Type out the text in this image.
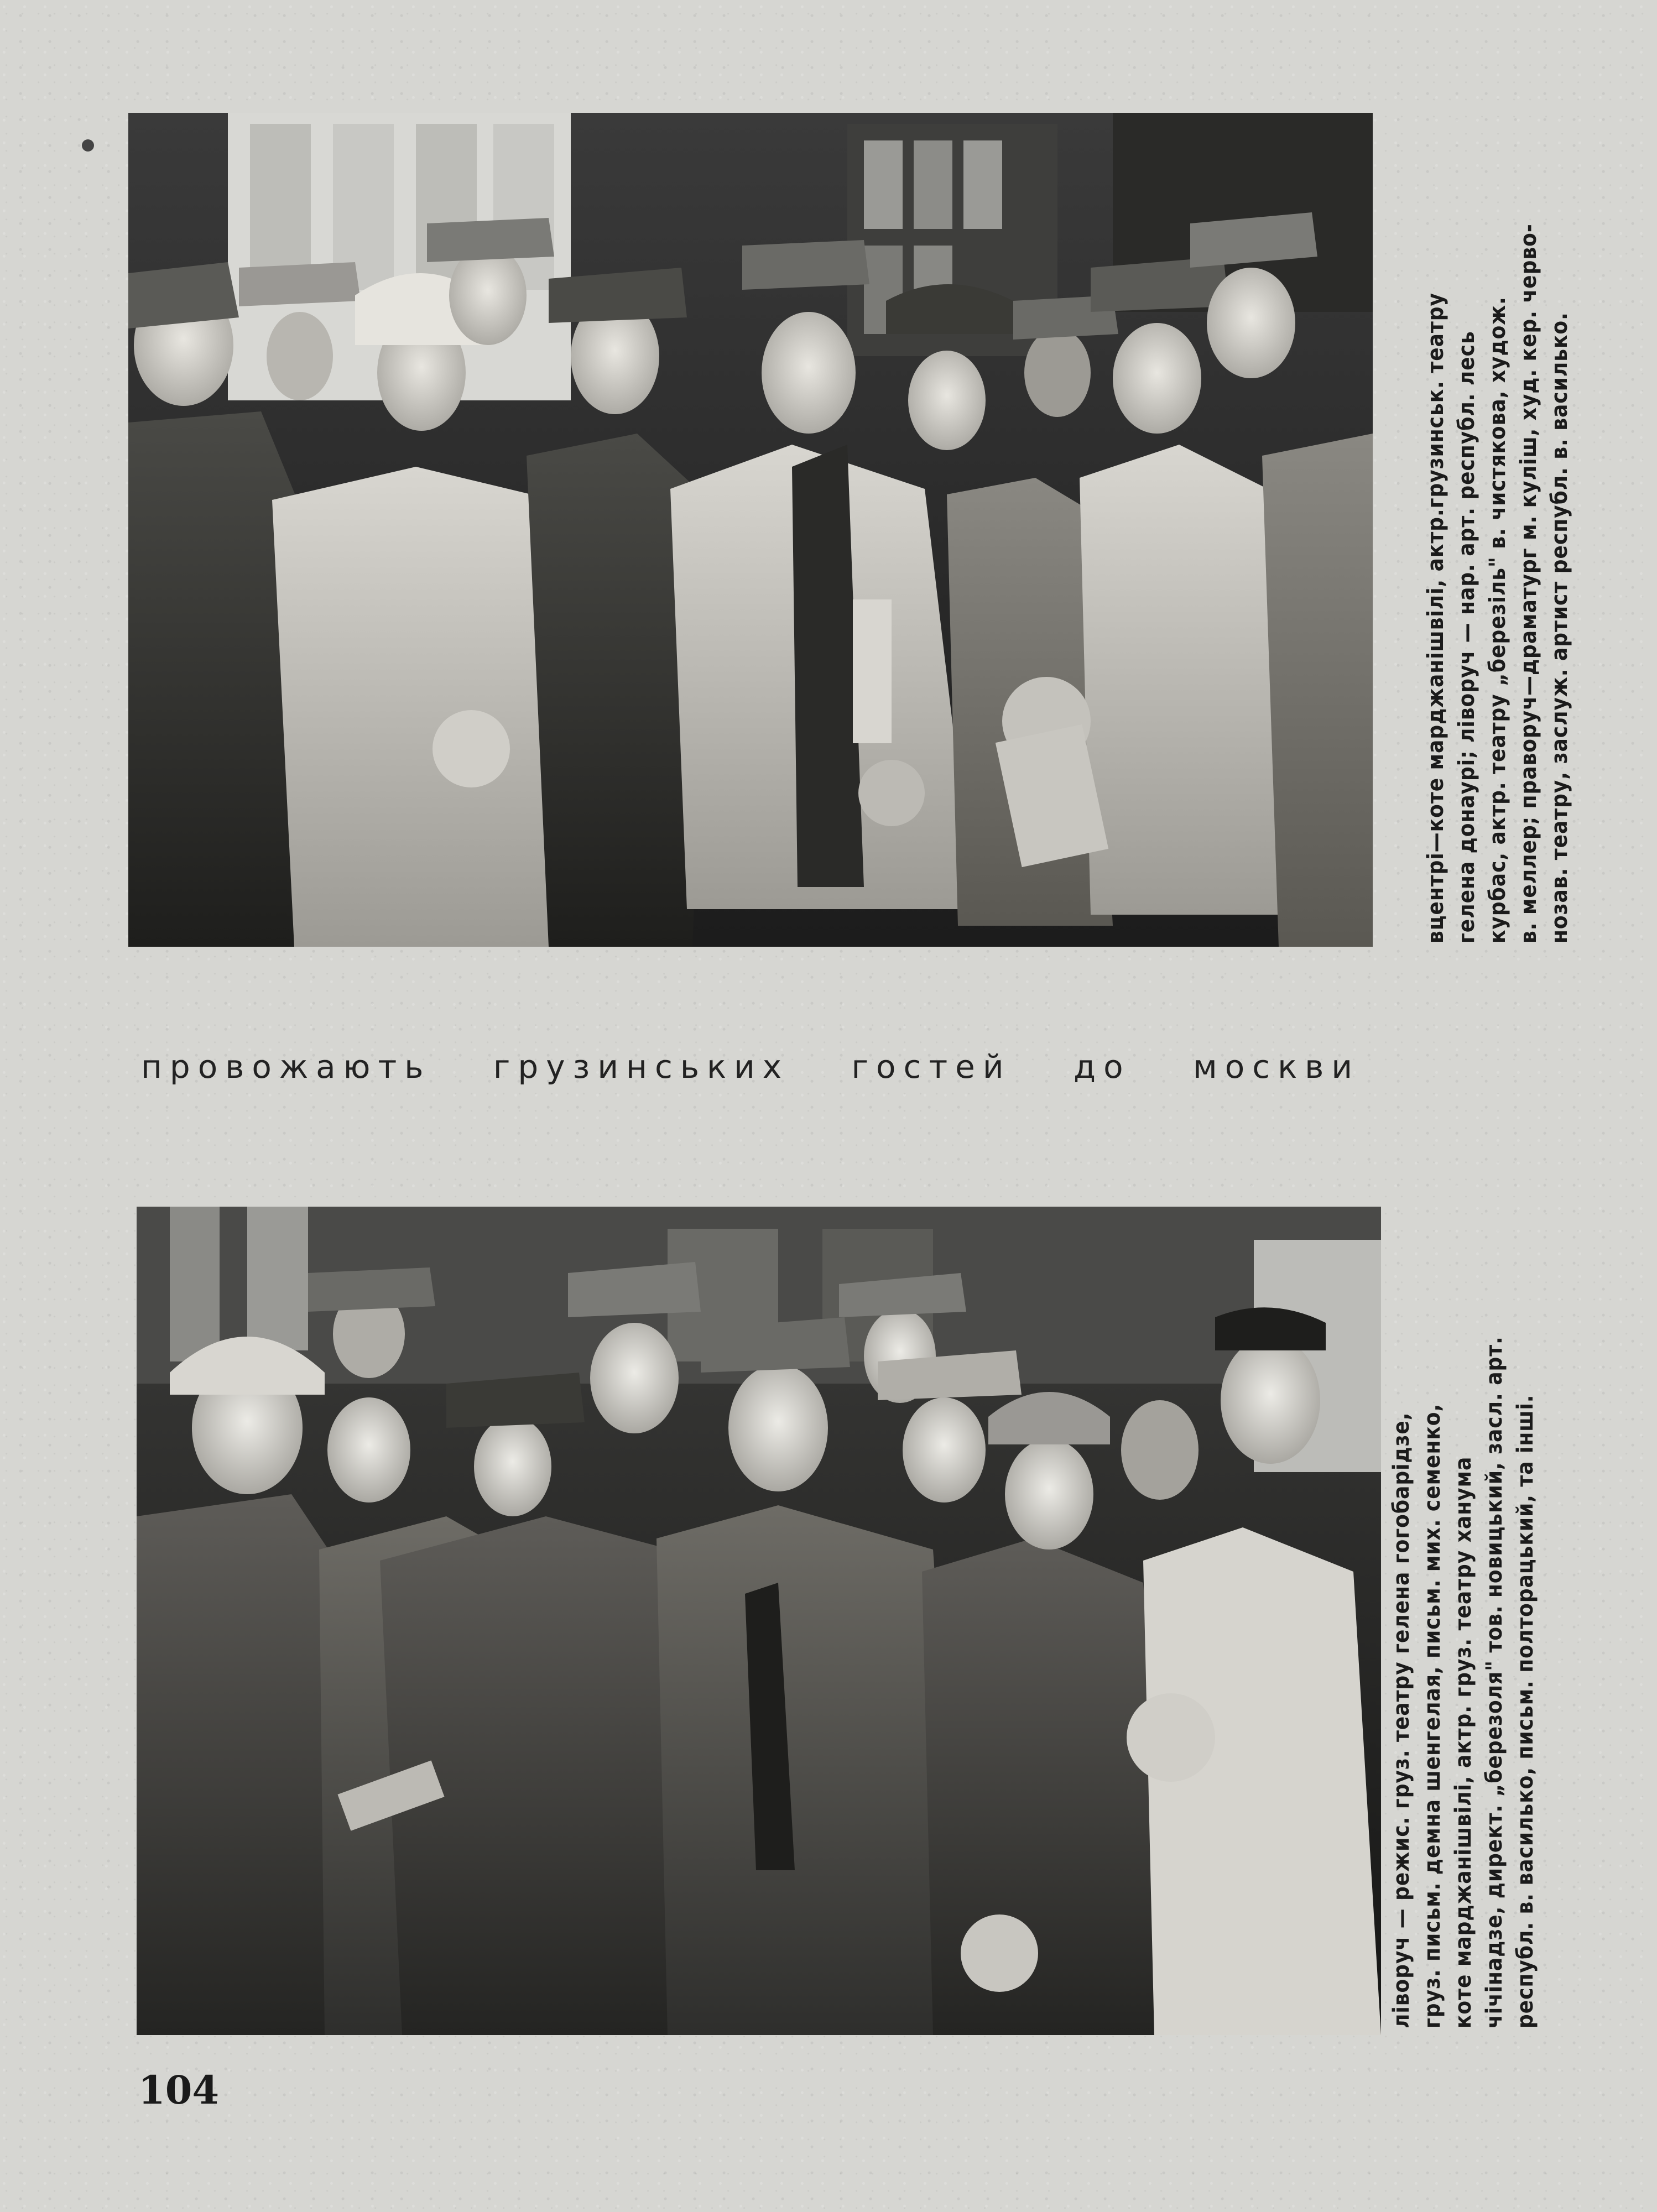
вцентрі—коте марджанішвілі, актр.грузинськ. театру гелена донаурі; ліворуч — нар. арт. республ. лесь курбас, актр. театру „березіль" в. чистякова, худож. в. меллер; праворуч—драматург м. куліш, худ. кер. черво- нозав. театру, заслуж. артист республ. в. василько.
провожають грузинських гостей до москви
ліворуч — режис. груз. театру гелена гогобарідзе, груз. письм. демна шенгелая, письм. мих. семенко, коте марджанішвілі, актр. груз. театру ханума чічінадзе, директ. „березоля" тов. новицький, засл. арт. республ. в. василько, письм. полторацький, та інші.
104
